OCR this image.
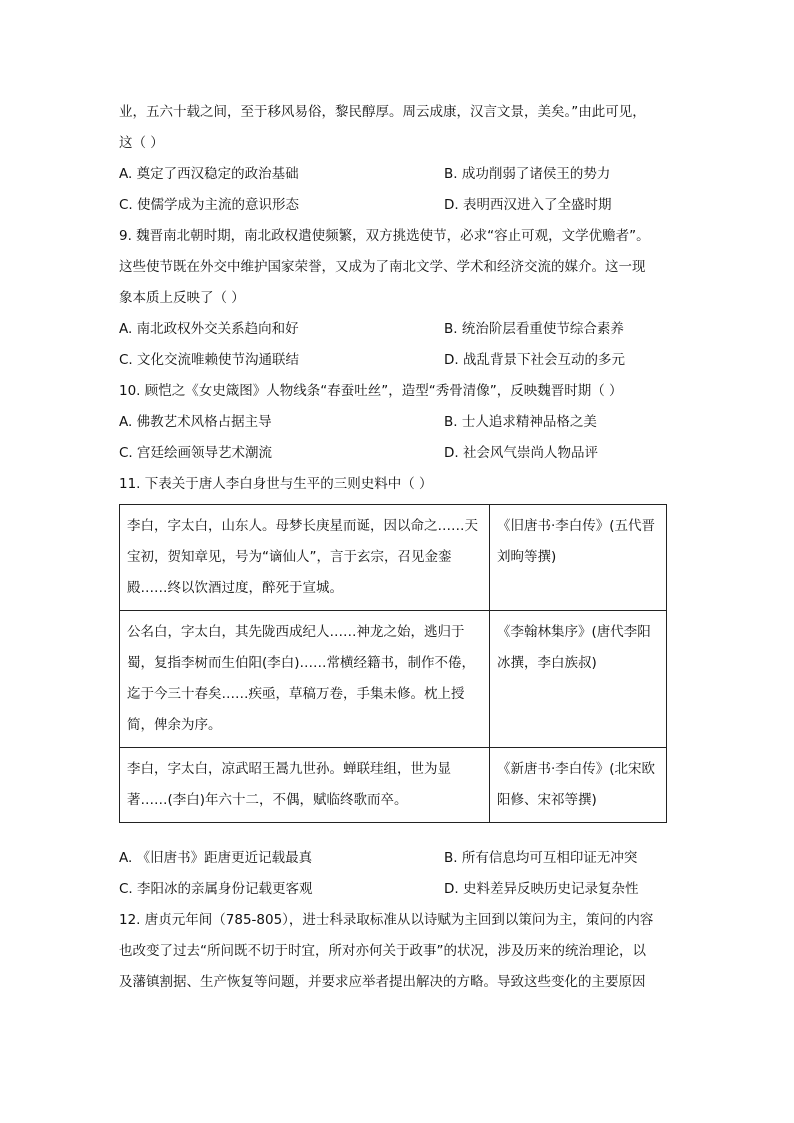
业，五六十载之间，至于移风易俗，黎民醇厚。周云成康，汉言文景，美矣。”由此可见，
这（ ）
A. 奠定了西汉稳定的政治基础	B. 成功削弱了诸侯王的势力
C. 使儒学成为主流的意识形态	D. 表明西汉进入了全盛时期
9. 魏晋南北朝时期，南北政权遣使频繁，双方挑选使节，必求“容止可观，文学优赡者”。
这些使节既在外交中维护国家荣誉，又成为了南北文学、学术和经济交流的媒介。这一现
象本质上反映了（ ）
A. 南北政权外交关系趋向和好	B. 统治阶层看重使节综合素养
C. 文化交流唯赖使节沟通联结	D. 战乱背景下社会互动的多元
10. 顾恺之《女史箴图》人物线条“春蚕吐丝”，造型“秀骨清像”，反映魏晋时期（ ）
A. 佛教艺术风格占据主导	B. 士人追求精神品格之美
C. 宫廷绘画领导艺术潮流	D. 社会风气崇尚人物品评
11. 下表关于唐人李白身世与生平的三则史料中（ ）
李白，字太白，山东人。母梦长庚星而诞，因以命之……天宝初，贺知章见，号为“谪仙人”，言于玄宗，召见金銮殿……终以饮酒过度，醉死于宣城。	《旧唐书·李白传》(五代晋刘昫等撰)
公名白，字太白，其先陇西成纪人……神龙之始，逃归于蜀，复指李树而生伯阳(李白)……常横经籍书，制作不倦，迄于今三十春矣……疾亟，草稿万卷，手集未修。枕上授简，俾余为序。	《李翰林集序》(唐代李阳冰撰，李白族叔)
李白，字太白，凉武昭王暠九世孙。蝉联珪组，世为显著……(李白)年六十二，不偶，赋临终歌而卒。	《新唐书·李白传》(北宋欧阳修、宋祁等撰)
A. 《旧唐书》距唐更近记载最真	B. 所有信息均可互相印证无冲突
C. 李阳冰的亲属身份记载更客观	D. 史料差异反映历史记录复杂性
12. 唐贞元年间（785-805），进士科录取标准从以诗赋为主回到以策问为主，策问的内容
也改变了过去“所问既不切于时宜，所对亦何关于政事”的状况，涉及历来的统治理论，以
及藩镇割据、生产恢复等问题，并要求应举者提出解决的方略。导致这些变化的主要原因
